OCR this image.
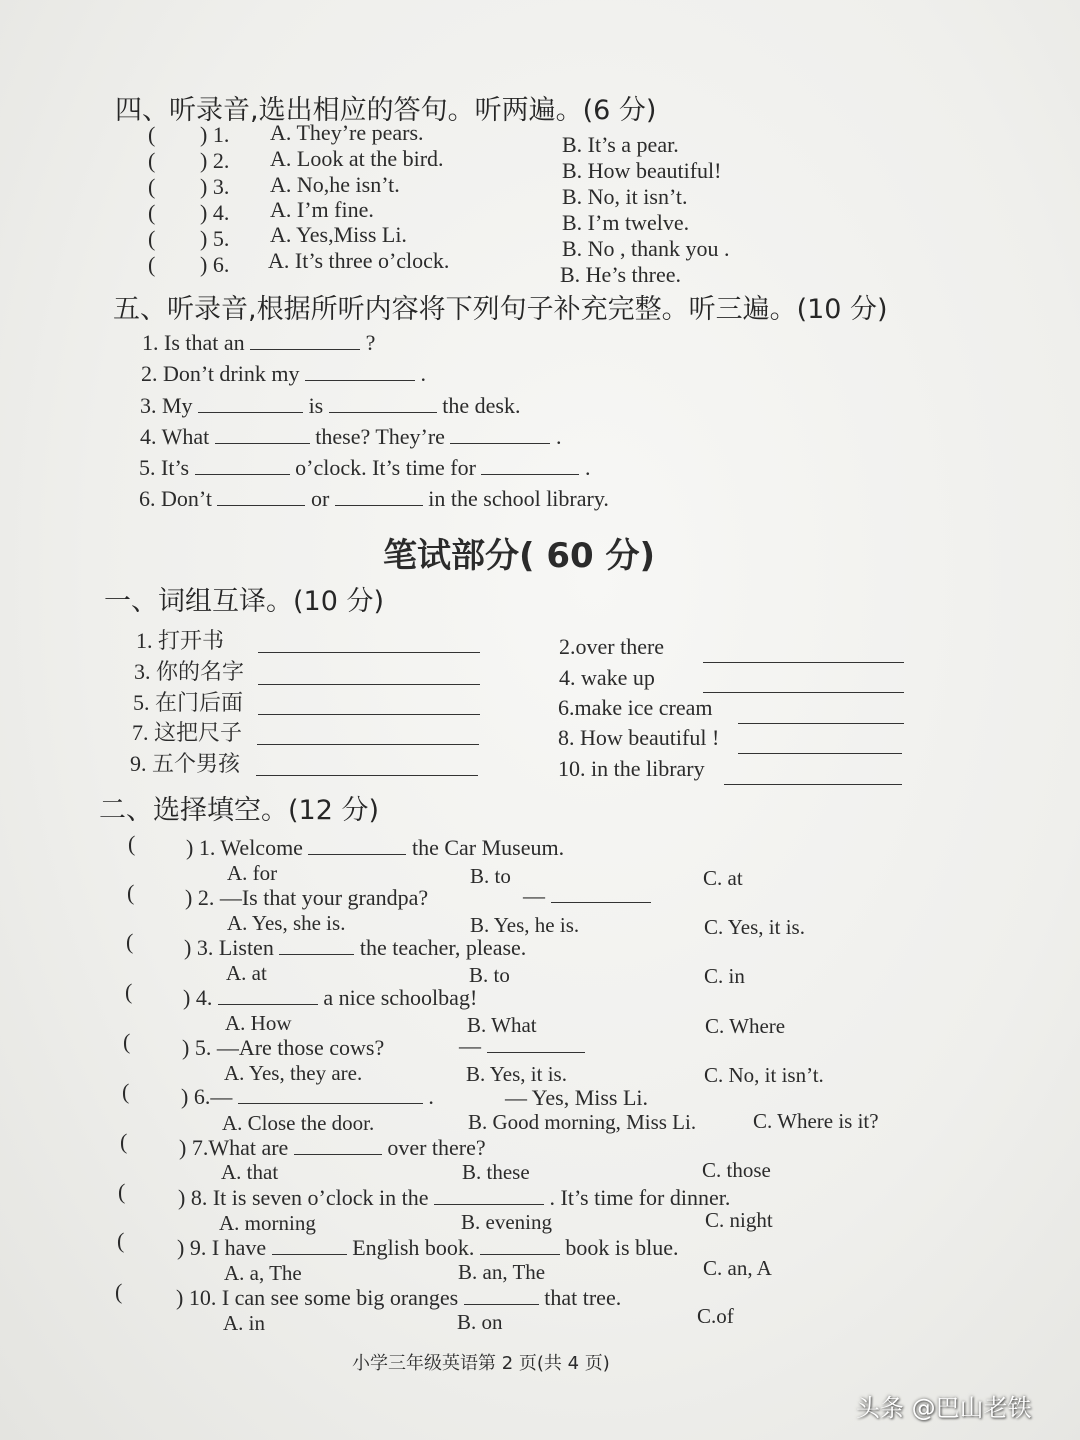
四、听录音,选出相应的答句。听两遍。(6 分)
( ) 1. A. They’re pears.	B. It’s a pear.
( ) 2. A. Look at the bird.	B. How beautiful!
( ) 3. A. No,he isn’t.	B. No, it isn’t.
( ) 4. A. I’m fine.
B. I’m twelve.
( ) 5. A. Yes,Miss Li.
B. No , thank you .
( ) 6. A. It’s three o’clock.
B. He’s three.
五、听录音,根据所听内容将下列句子补充完整。听三遍。(10 分)
1. Is that an	?
2. Don’t drink my	.
3. My	is	the desk.
4. What	these? They’re	.
5. It’s	o’clock. It’s time for	.
6. Don’t	or	in the school library.
笔试部分( 60 分)
一、词组互译。(10 分)
1. 打开书
3. 你的名字
5. 在门后面
7. 这把尺子
9. 五个男孩
2.over there
4. wake up
6.make ice cream
8. How beautiful !
10. in the library
二、选择填空。(12 分)
( ) 1. Welcome	the Car Museum.
A. for	B. to	C. at
( ) 2. —Is that your grandpa?	—
A. Yes, she is.	B. Yes, he is.	C. Yes, it is.
( ) 3. Listen	the teacher, please.
A. at	B. to	C. in
( ) 4.	a nice schoolbag!
A. How	B. What	C. Where
( ) 5. —Are those cows?	—
A. Yes, they are.	B. Yes, it is.	C. No, it isn’t.
( ) 6.—	.	— Yes, Miss Li.
A. Close the door.	B. Good morning, Miss Li.	C. Where is it?
( ) 7.What are	over there?
A. that	B. these	C. those
( ) 8. It is seven o’clock in the	. It’s time for dinner.
A. morning	B. evening	C. night
( ) 9. I have	English book.	book is blue.
A. a, The	B. an, The	C. an, A
( ) 10. I can see some big oranges	that tree.
A. in	B. on	C.of
小学三年级英语第 2 页(共 4 页)
头条 @巴山老铁
